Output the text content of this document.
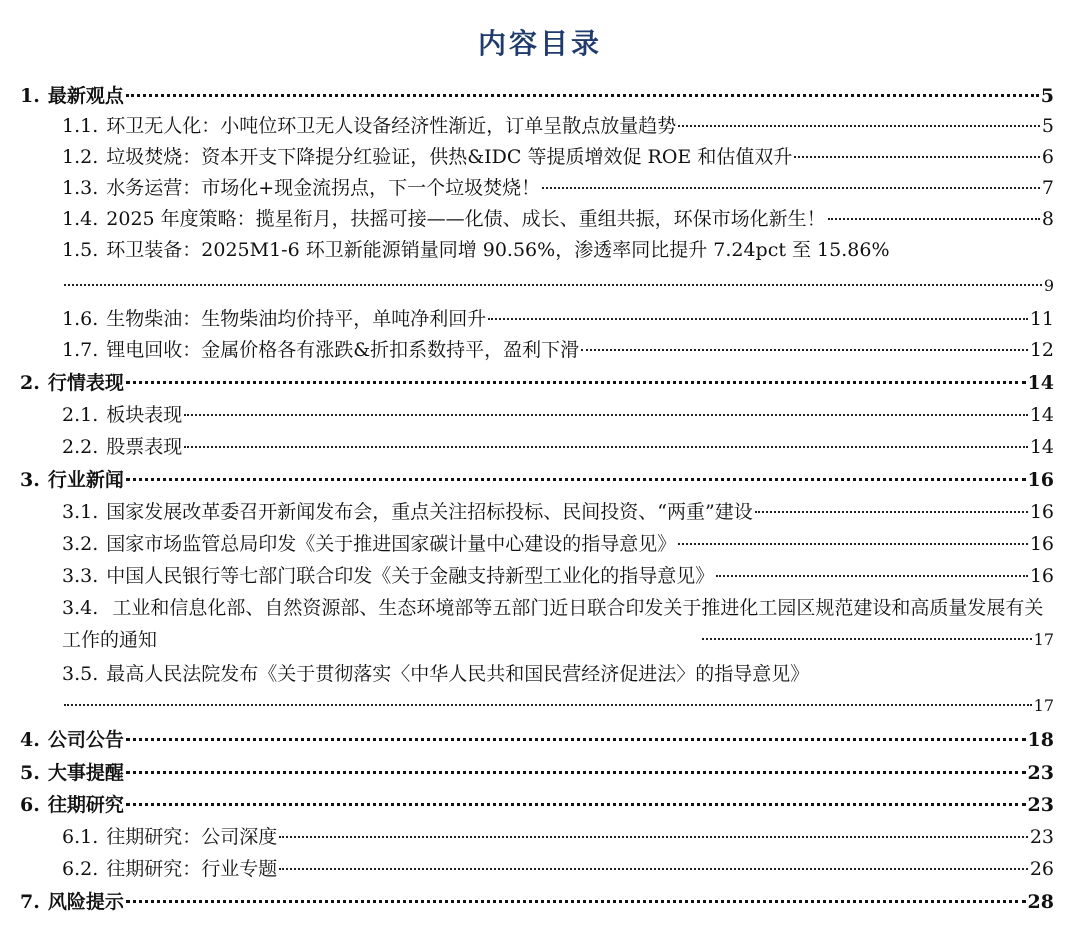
内容目录
1. 最新观点	5
1.1. 环卫无人化：小吨位环卫无人设备经济性渐近，订单呈散点放量趋势	5
1.2. 垃圾焚烧：资本开支下降提分红验证，供热&IDC 等提质增效促 ROE 和估值双升	6
1.3. 水务运营：市场化+现金流拐点，下一个垃圾焚烧！	7
1.4. 2025 年度策略：揽星衔月，扶摇可接——化债、成长、重组共振，环保市场化新生！	8
1.5. 环卫装备：2025M1-6 环卫新能源销量同增 90.56%，渗透率同比提升 7.24pct 至 15.86%
9
1.6. 生物柴油：生物柴油均价持平，单吨净利回升	11
1.7. 锂电回收：金属价格各有涨跌&折扣系数持平，盈利下滑	12
2. 行情表现	14
2.1. 板块表现	14
2.2. 股票表现	14
3. 行业新闻	16
3.1. 国家发展改革委召开新闻发布会，重点关注招标投标、民间投资、“两重”建设	16
3.2. 国家市场监管总局印发《关于推进国家碳计量中心建设的指导意见》	16
3.3. 中国人民银行等七部门联合印发《关于金融支持新型工业化的指导意见》	16
3.4. 工业和信息化部、自然资源部、生态环境部等五部门近日联合印发关于推进化工园区规范建设和高质量发展有关工作的通知	17
3.5. 最高人民法院发布《关于贯彻落实〈中华人民共和国民营经济促进法〉的指导意见》
17
4. 公司公告	18
5. 大事提醒	23
6. 往期研究	23
6.1. 往期研究：公司深度	23
6.2. 往期研究：行业专题	26
7. 风险提示	28
